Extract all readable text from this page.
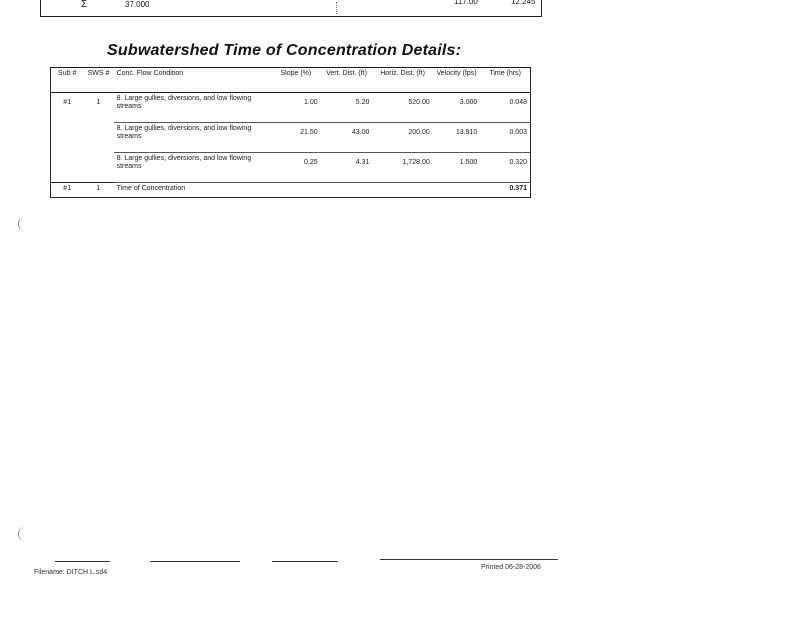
Σ	37.000	117.00	12.245
Subwatershed Time of Concentration Details:
Sub #	SWS #	Conc. Flow Condition	Slope (%)	Vert. Dist. (ft)	Horiz. Dist. (ft)	Velocity (fps)	Time (hrs)
#1	1	8. Large gullies, diversions, and low flowing streams	1.00	5.20	520.00	3.000	0.048
		8. Large gullies, diversions, and low flowing streams	21.50	43.00	200.00	13.910	0.003
		8. Large gullies, diversions, and low flowing streams	0.25	4.31	1,728.00	1.500	0.320
#1	1	Time of Concentration					0.371
Filename: DITCH L.sd4
Printed 06-28-2006
